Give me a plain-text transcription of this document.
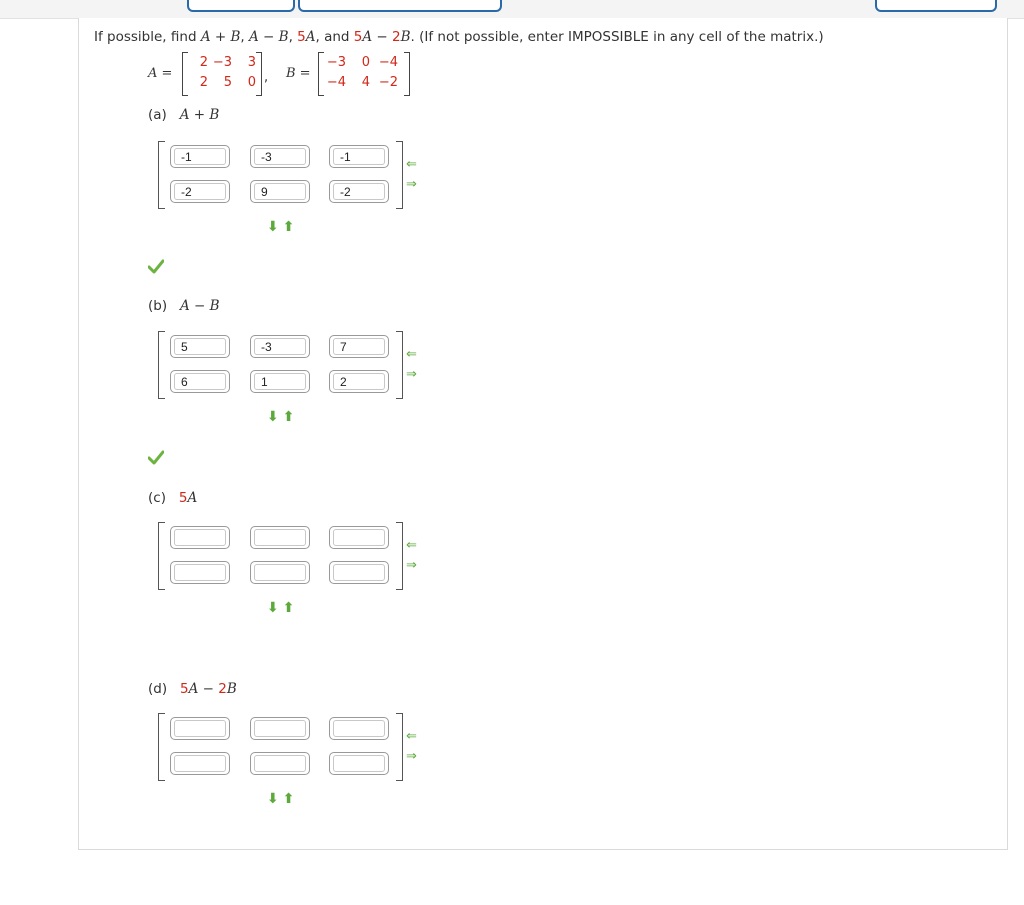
If possible, find A + B, A − B, 5A, and 5A − 2B. (If not possible, enter IMPOSSIBLE in any cell of the matrix.)
A =
2 −3	3
2	5	0 , B =
−3	0 −4
−4	4 −2
(a) A + B
-1	-3	-1
-2	9	-2
⇐
⇒
⬇⬆
(b) A − B
5	-3	7
6	1	2
⇐
⇒
⬇⬆
(c) 5A
⇐
⇒
⬇⬆
(d) 5A − 2B
⇐
⇒
⬇⬆
